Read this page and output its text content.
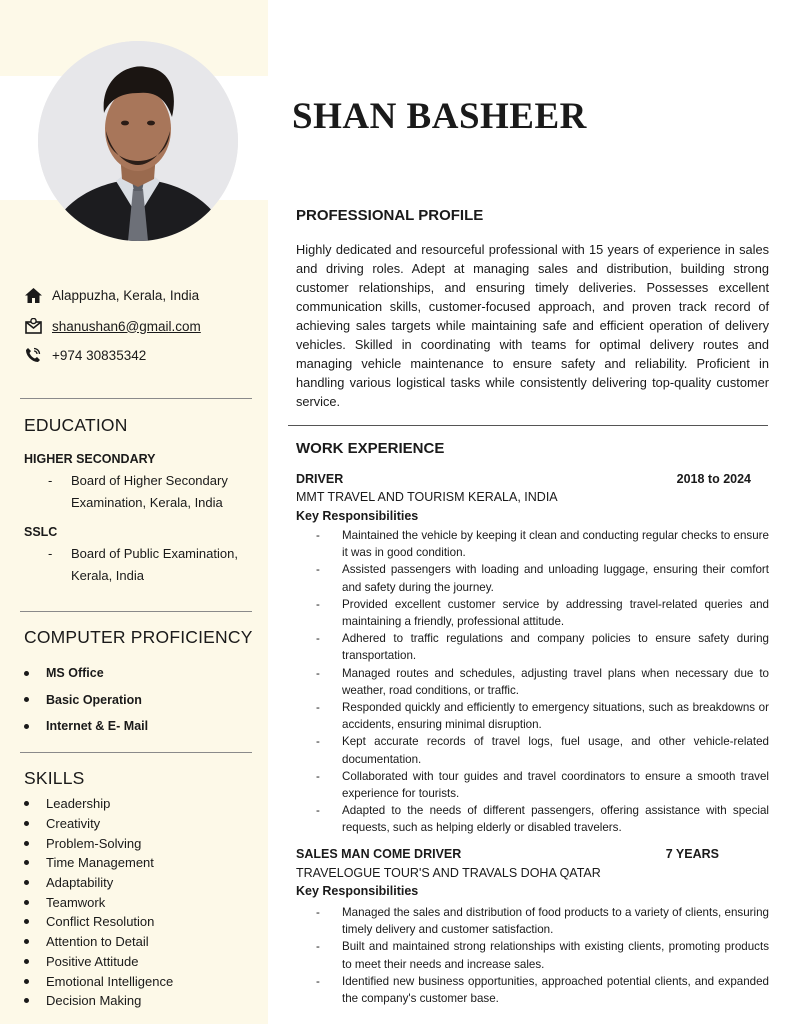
Alappuzha, Kerala, India
shanushan6@gmail.com
+974 30835342
EDUCATION
HIGHER SECONDARY
-	Board of Higher Secondary
Examination, Kerala, India
SSLC
-	Board of Public Examination,
Kerala, India
COMPUTER PROFICIENCY
MS Office
Basic Operation
Internet & E- Mail
SKILLS
Leadership
Creativity
Problem-Solving
Time Management
Adaptability
Teamwork
Conflict Resolution
Attention to Detail
Positive Attitude
Emotional Intelligence
Decision Making
SHAN BASHEER
PROFESSIONAL PROFILE
Highly dedicated and resourceful professional with 15 years of experience in sales and driving roles. Adept at managing sales and distribution, building strong customer relationships, and ensuring timely deliveries. Possesses excellent communication skills, customer-focused approach, and proven track record of achieving sales targets while maintaining safe and efficient operation of delivery vehicles. Skilled in coordinating with teams for optimal delivery routes and managing vehicle maintenance to ensure safety and reliability. Proficient in handling various logistical tasks while consistently delivering top-quality customer service.
WORK EXPERIENCE
DRIVER	2018 to 2024
MMT TRAVEL AND TOURISM KERALA, INDIA
Key Responsibilities
-	Maintained the vehicle by keeping it clean and conducting regular checks to ensure it was in good condition.
-	Assisted passengers with loading and unloading luggage, ensuring their comfort and safety during the journey.
-	Provided excellent customer service by addressing travel-related queries and maintaining a friendly, professional attitude.
-	Adhered to traffic regulations and company policies to ensure safety during transportation.
-	Managed routes and schedules, adjusting travel plans when necessary due to weather, road conditions, or traffic.
-	Responded quickly and efficiently to emergency situations, such as breakdowns or accidents, ensuring minimal disruption.
-	Kept accurate records of travel logs, fuel usage, and other vehicle-related documentation.
-	Collaborated with tour guides and travel coordinators to ensure a smooth travel experience for tourists.
-	Adapted to the needs of different passengers, offering assistance with special requests, such as helping elderly or disabled travelers.
SALES MAN COME DRIVER	7 YEARS
TRAVELOGUE TOUR'S AND TRAVALS DOHA QATAR
Key Responsibilities
-	Managed the sales and distribution of food products to a variety of clients, ensuring timely delivery and customer satisfaction.
-	Built and maintained strong relationships with existing clients, promoting products to meet their needs and increase sales.
-	Identified new business opportunities, approached potential clients, and expanded the company's customer base.
